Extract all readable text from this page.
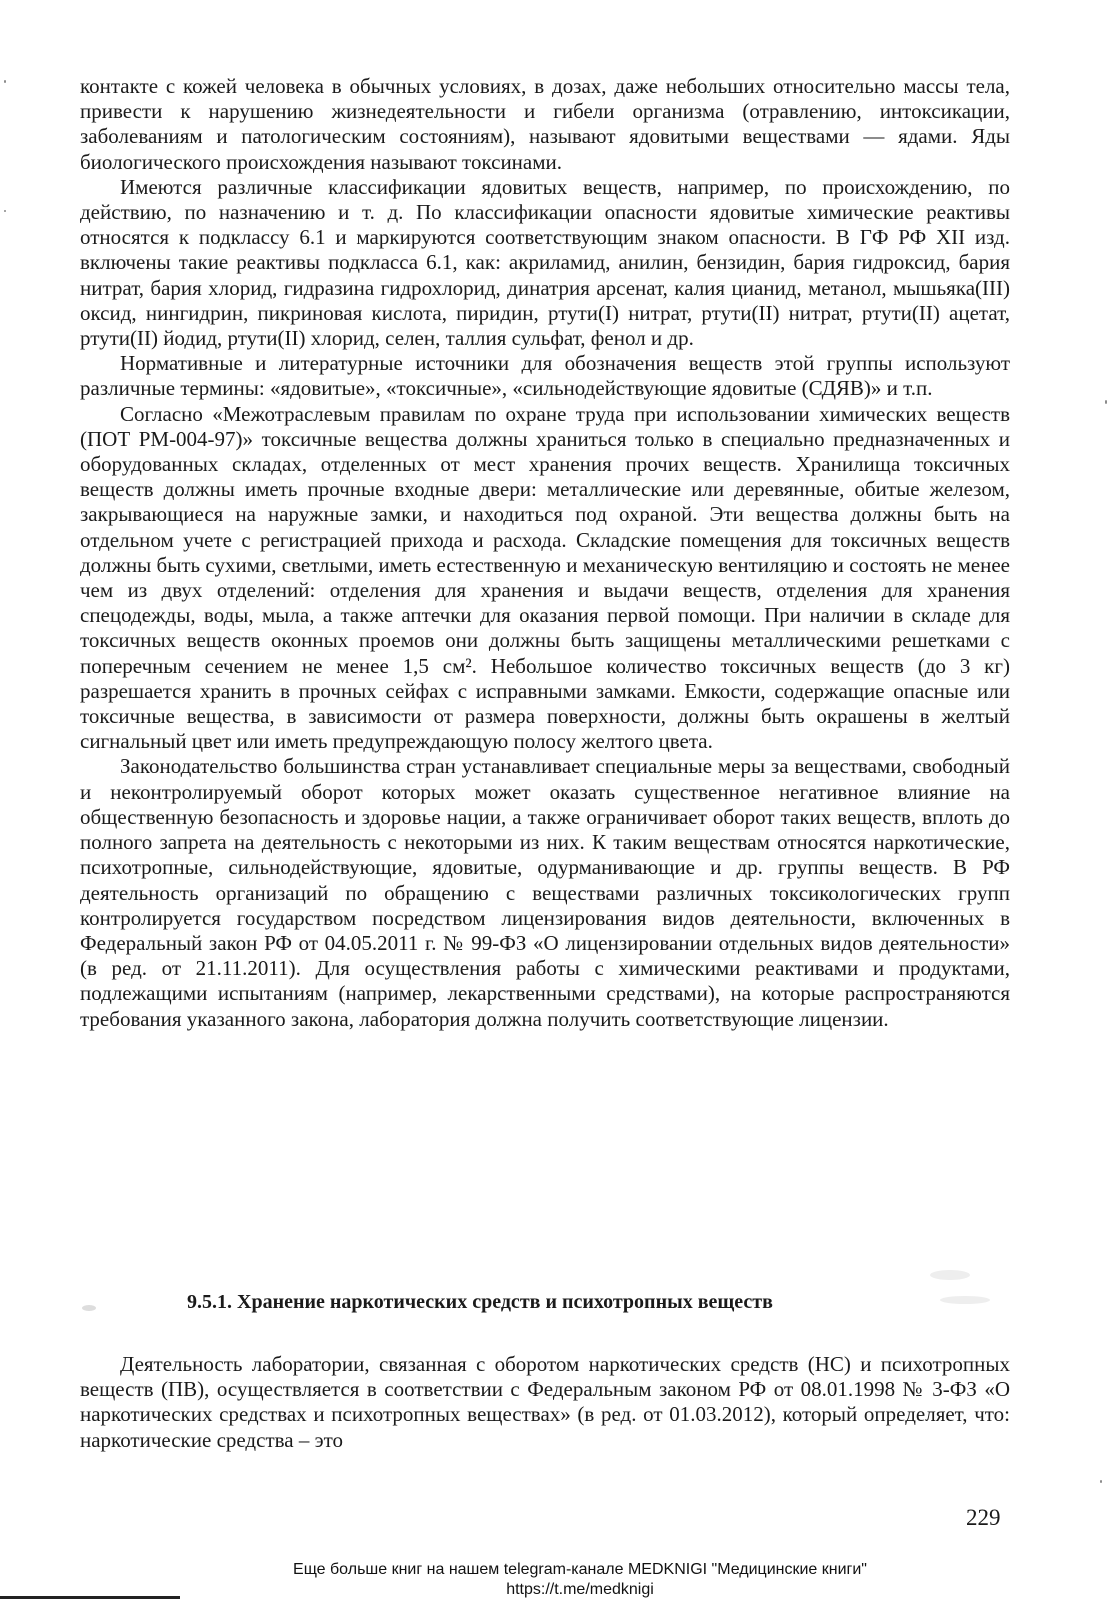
контакте с кожей человека в обычных условиях, в дозах, даже небольших относительно массы тела, привести к нарушению жизнедеятельности и гибели организма (отравлению, интоксикации, заболеваниям и патологическим состояниям), называют ядовитыми веществами — ядами. Яды биологического происхождения называют токсинами.

Имеются различные классификации ядовитых веществ, например, по происхождению, по действию, по назначению и т. д. По классификации опасности ядовитые химические реактивы относятся к подклассу 6.1 и маркируются соответствующим знаком опасности. В ГФ РФ XII изд. включены такие реактивы подкласса 6.1, как: акриламид, анилин, бензидин, бария гидроксид, бария нитрат, бария хлорид, гидразина гидрохлорид, динатрия арсенат, калия цианид, метанол, мышьяка(III) оксид, нингидрин, пикриновая кислота, пиридин, ртути(I) нитрат, ртути(II) нитрат, ртути(II) ацетат, ртути(II) йодид, ртути(II) хлорид, селен, таллия сульфат, фенол и др.

Нормативные и литературные источники для обозначения веществ этой группы используют различные термины: «ядовитые», «токсичные», «сильнодействующие ядовитые (СДЯВ)» и т.п.

Согласно «Межотраслевым правилам по охране труда при использовании химических веществ (ПОТ РМ-004-97)» токсичные вещества должны храниться только в специально предназначенных и оборудованных складах, отделенных от мест хранения прочих веществ. Хранилища токсичных веществ должны иметь прочные входные двери: металлические или деревянные, обитые железом, закрывающиеся на наружные замки, и находиться под охраной. Эти вещества должны быть на отдельном учете с регистрацией прихода и расхода. Складские помещения для токсичных веществ должны быть сухими, светлыми, иметь естественную и механическую вентиляцию и состоять не менее чем из двух отделений: отделения для хранения и выдачи веществ, отделения для хранения спецодежды, воды, мыла, а также аптечки для оказания первой помощи. При наличии в складе для токсичных веществ оконных проемов они должны быть защищены металлическими решетками с поперечным сечением не менее 1,5 см². Небольшое количество токсичных веществ (до 3 кг) разрешается хранить в прочных сейфах с исправными замками. Емкости, содержащие опасные или токсичные вещества, в зависимости от размера поверхности, должны быть окрашены в желтый сигнальный цвет или иметь предупреждающую полосу желтого цвета.

Законодательство большинства стран устанавливает специальные меры за веществами, свободный и неконтролируемый оборот которых может оказать существенное негативное влияние на общественную безопасность и здоровье нации, а также ограничивает оборот таких веществ, вплоть до полного запрета на деятельность с некоторыми из них. К таким веществам относятся наркотические, психотропные, сильнодействующие, ядовитые, одурманивающие и др. группы веществ. В РФ деятельность организаций по обращению с веществами различных токсикологических групп контролируется государством посредством лицензирования видов деятельности, включенных в Федеральный закон РФ от 04.05.2011 г. № 99-ФЗ «О лицензировании отдельных видов деятельности» (в ред. от 21.11.2011). Для осуществления работы с химическими реактивами и продуктами, подлежащими испытаниям (например, лекарственными средствами), на которые распространяются требования указанного закона, лаборатория должна получить соответствующие лицензии.

9.5.1. Хранение наркотических средств и психотропных веществ

Деятельность лаборатории, связанная с оборотом наркотических средств (НС) и психотропных веществ (ПВ), осуществляется в соответствии с Федеральным законом РФ от 08.01.1998 № 3-ФЗ «О наркотических средствах и психотропных веществах» (в ред. от 01.03.2012), который определяет, что: наркотические средства – это

229
Еще больше книг на нашем telegram-канале MEDKNIGI "Медицинские книги"
https://t.me/medknigi
